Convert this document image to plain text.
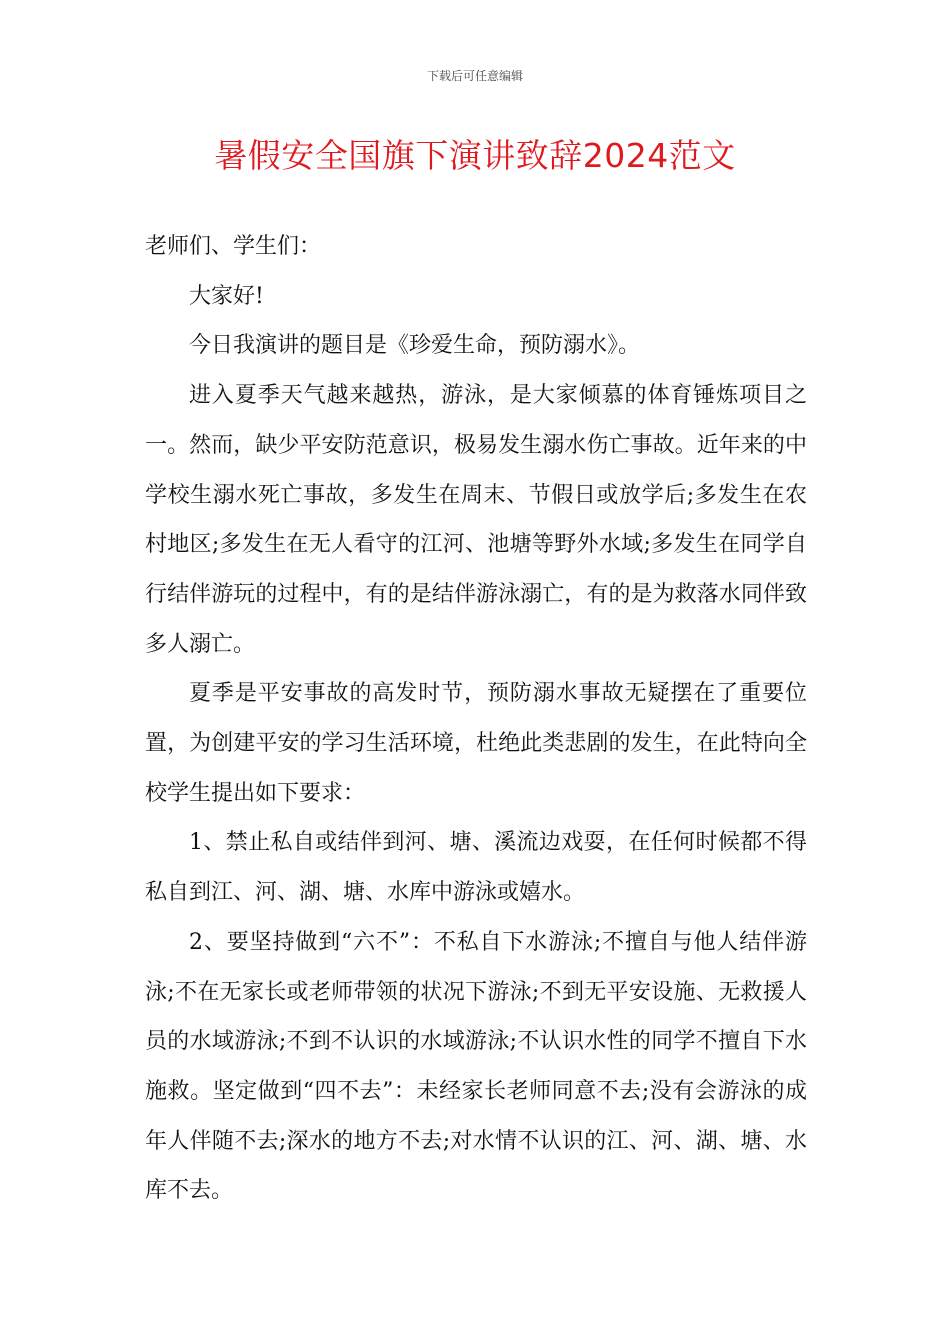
下载后可任意编辑
暑假安全国旗下演讲致辞2024范文

老师们、学生们：

大家好!

今日我演讲的题目是《珍爱生命，预防溺水》。

进入夏季天气越来越热，游泳，是大家倾慕的体育锤炼项目之一。然而，缺少平安防范意识，极易发生溺水伤亡事故。近年来的中学校生溺水死亡事故，多发生在周末、节假日或放学后;多发生在农村地区;多发生在无人看守的江河、池塘等野外水域;多发生在同学自行结伴游玩的过程中，有的是结伴游泳溺亡，有的是为救落水同伴致多人溺亡。

夏季是平安事故的高发时节，预防溺水事故无疑摆在了重要位置，为创建平安的学习生活环境，杜绝此类悲剧的发生，在此特向全校学生提出如下要求：

1、禁止私自或结伴到河、塘、溪流边戏耍，在任何时候都不得私自到江、河、湖、塘、水库中游泳或嬉水。

2、要坚持做到“六不”：不私自下水游泳;不擅自与他人结伴游泳;不在无家长或老师带领的状况下游泳;不到无平安设施、无救援人员的水域游泳;不到不认识的水域游泳;不认识水性的同学不擅自下水施救。坚定做到“四不去”：未经家长老师同意不去;没有会游泳的成年人伴随不去;深水的地方不去;对水情不认识的江、河、湖、塘、水库不去。
